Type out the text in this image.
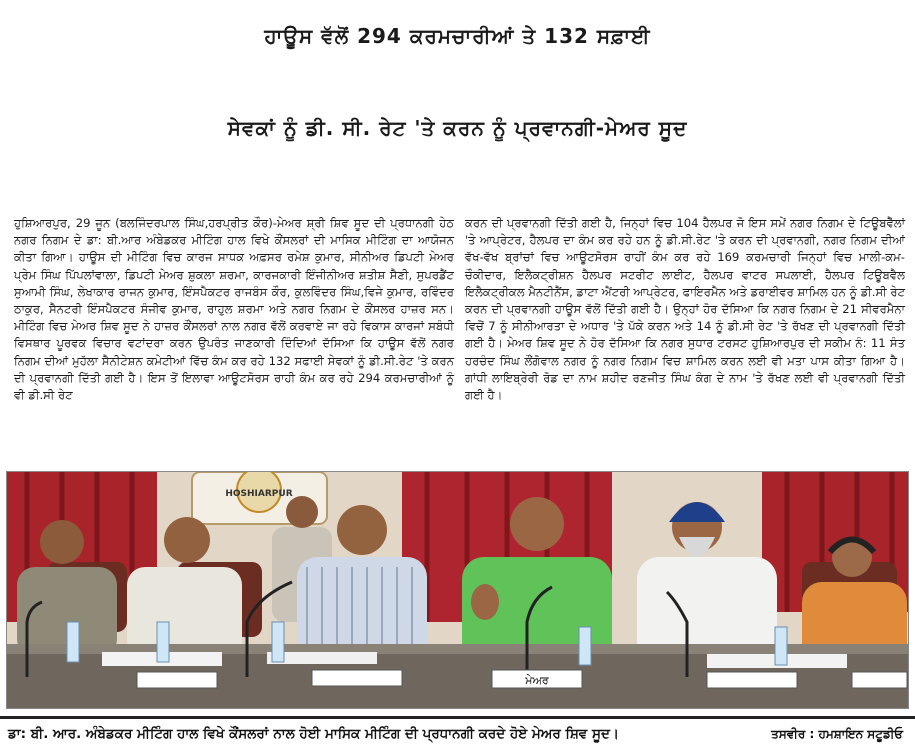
ਹਾਊਸ ਵੱਲੋਂ 294 ਕਰਮਚਾਰੀਆਂ ਤੇ 132 ਸਫ਼ਾਈ
ਸੇਵਕਾਂ ਨੂੰ ਡੀ. ਸੀ. ਰੇਟ 'ਤੇ ਕਰਨ ਨੂੰ ਪ੍ਰਵਾਨਗੀ-ਮੇਅਰ ਸੂਦ
ਹੁਸ਼ਿਆਰਪੁਰ, 29 ਜੂਨ (ਬਲਜਿੰਦਰਪਾਲ ਸਿੰਘ,ਹਰਪ੍ਰੀਤ ਕੌਰ)-ਮੇਅਰ ਸ਼੍ਰੀ ਸ਼ਿਵ ਸੂਦ ਦੀ ਪ੍ਰਧਾਨਗੀ ਹੇਠ ਨਗਰ ਨਿਗਮ ਦੇ ਡਾ: ਬੀ.ਆਰ ਅੰਬੇਡਕਰ ਮੀਟਿੰਗ ਹਾਲ ਵਿਖੇ ਕੌਂਸਲਰਾਂ ਦੀ ਮਾਸਿਕ ਮੀਟਿੰਗ ਦਾ ਆਯੋਜਨ ਕੀਤਾ ਗਿਆ। ਹਾਊਸ ਦੀ ਮੀਟਿੰਗ ਵਿਚ ਕਾਰਜ ਸਾਧਕ ਅਫ਼ਸਰ ਰਮੇਸ਼ ਕੁਮਾਰ, ਸੀਨੀਅਰ ਡਿਪਟੀ ਮੇਅਰ ਪ੍ਰੇਮ ਸਿੰਘ ਪਿੱਪਲਾਂਵਾਲਾ, ਡਿਪਟੀ ਮੇਅਰ ਸ਼ੁਕਲਾ ਸ਼ਰਮਾ, ਕਾਰਜਕਾਰੀ ਇੰਜੀਨੀਅਰ ਸ਼ਤੀਸ਼ ਸੈਣੀ, ਸੁਪਰਡੈਂਟ ਸੁਆਮੀ ਸਿੰਘ, ਲੇਖਾਕਾਰ ਰਾਜਨ ਕੁਮਾਰ, ਇੰਸਪੈਕਟਰ ਰਾਜਬੰਸ ਕੌਰ, ਕੁਲਵਿੰਦਰ ਸਿੰਘ,ਵਿਜੇ ਕੁਮਾਰ, ਰਵਿੰਦਰ ਠਾਕੁਰ, ਸੈਨਟਰੀ ਇੰਸਪੈਕਟਰ ਸੰਜੀਵ ਕੁਮਾਰ, ਰਾਹੁਲ ਸ਼ਰਮਾ ਅਤੇ ਨਗਰ ਨਿਗਮ ਦੇ ਕੌਂਸਲਰ ਹਾਜ਼ਰ ਸਨ। ਮੀਟਿੰਗ ਵਿਚ ਮੇਅਰ ਸ਼ਿਵ ਸੂਦ ਨੇ ਹਾਜ਼ਰ ਕੌਂਸਲਰਾਂ ਨਾਲ ਨਗਰ ਵੱਲੋਂ ਕਰਵਾਏ ਜਾ ਰਹੇ ਵਿਕਾਸ ਕਾਰਜਾਂ ਸਬੰਧੀ ਵਿਸਥਾਰ ਪੂਰਵਕ ਵਿਚਾਰ ਵਟਾਂਦਰਾ ਕਰਨ ਉਪਰੰਤ ਜਾਣਕਾਰੀ ਦਿੰਦਿਆਂ ਦੱਸਿਆ ਕਿ ਹਾਊਸ ਵੱਲੋਂ ਨਗਰ ਨਿਗਮ ਦੀਆਂ ਮੁਹੱਲਾ ਸੈਨੀਟੇਸ਼ਨ ਕਮੇਟੀਆਂ ਵਿੱਚ ਕੰਮ ਕਰ ਰਹੇ 132 ਸਫਾਈ ਸੇਵਕਾਂ ਨੂੰ ਡੀ.ਸੀ.ਰੇਟ 'ਤੇ ਕਰਨ ਦੀ ਪ੍ਰਵਾਨਗੀ ਦਿੱਤੀ ਗਈ ਹੈ। ਇਸ ਤੋਂ ਇਲਾਵਾ ਆਊਟਸੋਰਸ ਰਾਹੀ ਕੰਮ ਕਰ ਰਹੇ 294 ਕਰਮਚਾਰੀਆਂ ਨੂੰ ਵੀ ਡੀ.ਸੀ ਰੇਟ
ਕਰਨ ਦੀ ਪ੍ਰਵਾਨਗੀ ਦਿੱਤੀ ਗਈ ਹੈ, ਜਿਨ੍ਹਾਂ ਵਿਚ 104 ਹੈਲਪਰ ਜੋ ਇਸ ਸਮੇਂ ਨਗਰ ਨਿਗਮ ਦੇ ਟਿਊਬਵੈੱਲਾਂ 'ਤੇ ਆਪ੍ਰੇਟਰ, ਹੈਲਪਰ ਦਾ ਕੰਮ ਕਰ ਰਹੇ ਹਨ ਨੂੰ ਡੀ.ਸੀ.ਰੇਟ 'ਤੇ ਕਰਨ ਦੀ ਪ੍ਰਵਾਨਗੀ, ਨਗਰ ਨਿਗਮ ਦੀਆਂ ਵੱਖ-ਵੱਖ ਬ੍ਰਾਂਚਾਂ ਵਿਚ ਆਊਟਸੋਰਸ ਰਾਹੀਂ ਕੰਮ ਕਰ ਰਹੇ 169 ਕਰਮਚਾਰੀ ਜਿਨ੍ਹਾਂ ਵਿਚ ਮਾਲੀ-ਕਮ-ਚੌਕੀਦਾਰ, ਇਲੈਕਟ੍ਰੀਸ਼ਨ ਹੈਲਪਰ ਸਟਰੀਟ ਲਾਈਟ, ਹੈਲਪਰ ਵਾਟਰ ਸਪਲਾਈ, ਹੈਲਪਰ ਟਿਊਬਵੈਲ ਇਲੈਕਟ੍ਰੀਕਲ ਮੈਨਟੀਨੈਂਸ, ਡਾਟਾ ਐਂਟਰੀ ਆਪ੍ਰੇਟਰ, ਫਾਇਰਮੈਨ ਅਤੇ ਡਰਾਈਵਰ ਸ਼ਾਮਿਲ ਹਨ ਨੂੰ ਡੀ.ਸੀ ਰੇਟ ਕਰਨ ਦੀ ਪ੍ਰਵਾਨਗੀ ਹਾਊਸ ਵੱਲੋਂ ਦਿੱਤੀ ਗਈ ਹੈ। ਉਨ੍ਹਾਂ ਹੋਰ ਦੱਸਿਆ ਕਿ ਨਗਰ ਨਿਗਮ ਦੇ 21 ਸੀਵਰਮੈਨਾ ਵਿਚੋਂ 7 ਨੂੰ ਸੀਨੀਆਰਤਾ ਦੇ ਅਧਾਰ 'ਤੇ ਪੱਕੇ ਕਰਨ ਅਤੇ 14 ਨੂੰ ਡੀ.ਸੀ ਰੇਟ 'ਤੇ ਰੱਖਣ ਦੀ ਪ੍ਰਵਾਨਗੀ ਦਿੱਤੀ ਗਈ ਹੈ। ਮੇਅਰ ਸ਼ਿਵ ਸੂਦ ਨੇ ਹੋਰ ਦੱਸਿਆ ਕਿ ਨਗਰ ਸੁਧਾਰ ਟਰਸਟ ਹੁਸ਼ਿਆਰਪੁਰ ਦੀ ਸਕੀਮ ਨੰ: 11 ਸੰਤ ਹਰਚੰਦ ਸਿੰਘ ਲੌਂਗੋਵਾਲ ਨਗਰ ਨੂੰ ਨਗਰ ਨਿਗਮ ਵਿਚ ਸ਼ਾਮਿਲ ਕਰਨ ਲਈ ਵੀ ਮਤਾ ਪਾਸ ਕੀਤਾ ਗਿਆ ਹੈ। ਗਾਂਧੀ ਲਾਇਬ੍ਰੇਰੀ ਰੋਡ ਦਾ ਨਾਮ ਸ਼ਹੀਦ ਰਣਜੀਤ ਸਿੰਘ ਕੰਗ ਦੇ ਨਾਮ 'ਤੇ ਰੱਖਣ ਲਈ ਵੀ ਪ੍ਰਵਾਨਗੀ ਦਿੱਤੀ ਗਈ ਹੈ।
HOSHIARPUR
ਮੇਅਰ
ਡਾ: ਬੀ. ਆਰ. ਅੰਬੇਡਕਰ ਮੀਟਿੰਗ ਹਾਲ ਵਿਖੇ ਕੌਂਸਲਰਾਂ ਨਾਲ ਹੋਈ ਮਾਸਿਕ ਮੀਟਿੰਗ ਦੀ ਪ੍ਰਧਾਨਗੀ ਕਰਦੇ ਹੋਏ ਮੇਅਰ ਸ਼ਿਵ ਸੂਦ।	ਤਸਵੀਰ : ਹਮਸ਼ਾਇਨ ਸਟੂਡੀਓ
